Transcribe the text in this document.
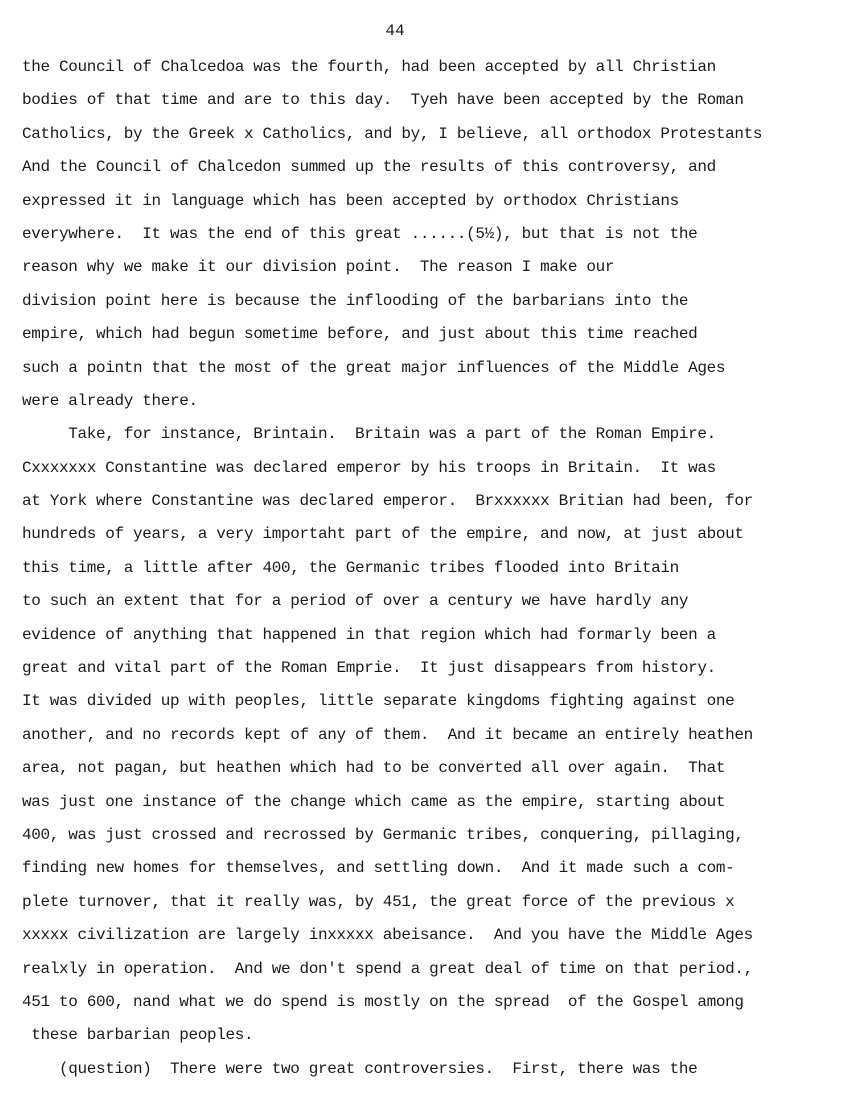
44
the Council of Chalcedoa was the fourth, had been accepted by all Christian
bodies of that time and are to this day.  Tyeh have been accepted by the Roman
Catholics, by the Greek x Catholics, and by, I believe, all orthodox Protestants
And the Council of Chalcedon summed up the results of this controversy, and
expressed it in language which has been accepted by orthodox Christians
everywhere.  It was the end of this great ......(5½), but that is not the
reason why we make it our division point.  The reason I make our
division point here is because the inflooding of the barbarians into the
empire, which had begun sometime before, and just about this time reached
such a pointn that the most of the great major influences of the Middle Ages
were already there.
Take, for instance, Brintain.  Britain was a part of the Roman Empire.
Cxxxxxxx Constantine was declared emperor by his troops in Britain.  It was
at York where Constantine was declared emperor.  Brxxxxxx Britian had been, for
hundreds of years, a very importaht part of the empire, and now, at just about
this time, a little after 400, the Germanic tribes flooded into Britain
to such an extent that for a period of over a century we have hardly any
evidence of anything that happened in that region which had formarly been a
great and vital part of the Roman Emprie.  It just disappears from history.
It was divided up with peoples, little separate kingdoms fighting against one
another, and no records kept of any of them.  And it became an entirely heathen
area, not pagan, but heathen which had to be converted all over again.  That
was just one instance of the change which came as the empire, starting about
400, was just crossed and recrossed by Germanic tribes, conquering, pillaging,
finding new homes for themselves, and settling down.  And it made such a com-
plete turnover, that it really was, by 451, the great force of the previous x
xxxxx civilization are largely inxxxxx abeisance.  And you have the Middle Ages
realxly in operation.  And we don't spend a great deal of time on that period.,
451 to 600, nand what we do spend is mostly on the spread  of the Gospel among
these barbarian peoples.
(question)  There were two great controversies.  First, there was the
